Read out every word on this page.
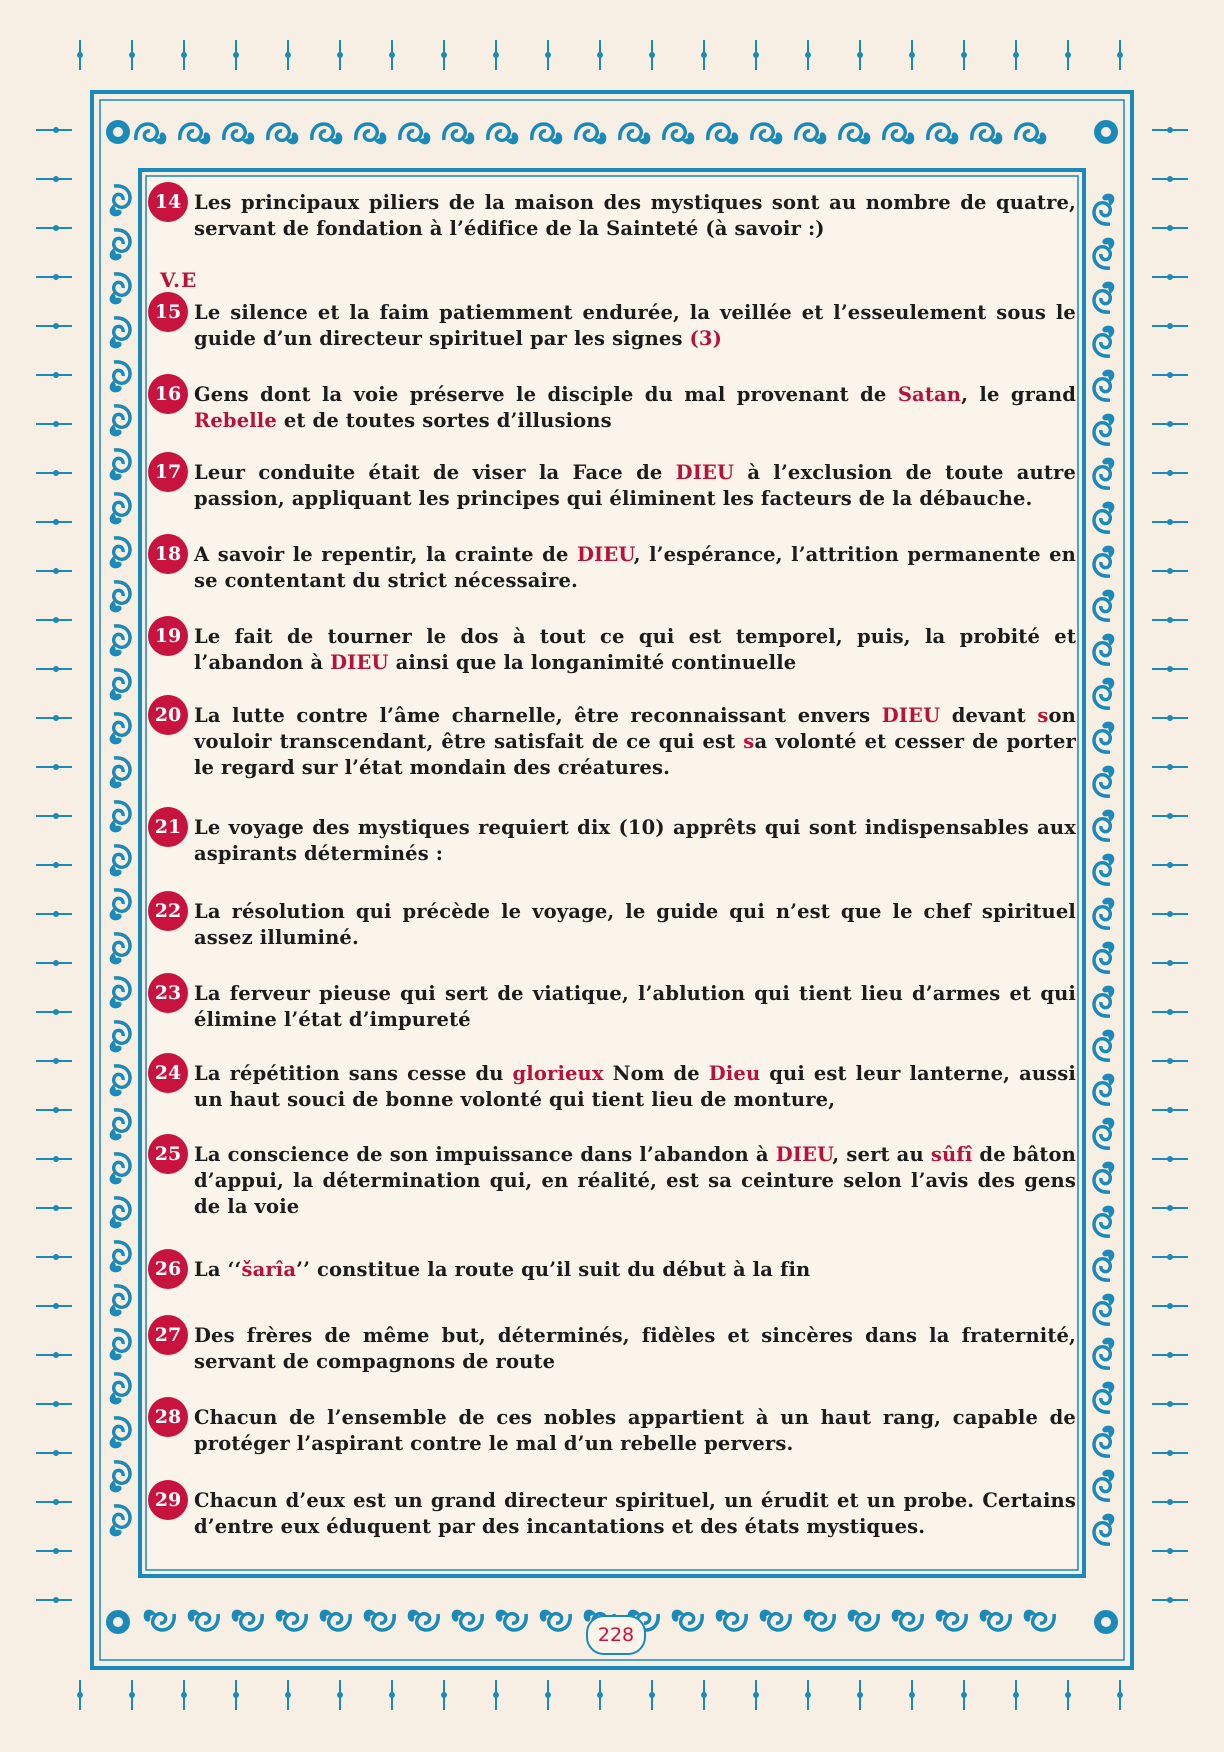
V.E
14 Les principaux piliers de la maison des mystiques sont au nombre de quatre, servant de fondation à l’édifice de la Sainteté (à savoir :)
15 Le silence et la faim patiemment endurée, la veillée et l’esseulement sous le guide d’un directeur spirituel par les signes (3)
16 Gens dont la voie préserve le disciple du mal provenant de Satan, le grand Rebelle et de toutes sortes d’illusions
17 Leur conduite était de viser la Face de DIEU à l’exclusion de toute autre passion, appliquant les principes qui éliminent les facteurs de la débauche.
18 A savoir le repentir, la crainte de DIEU, l’espérance, l’attrition permanente en se contentant du strict nécessaire.
19 Le fait de tourner le dos à tout ce qui est temporel, puis, la probité et l’abandon à DIEU ainsi que la longanimité continuelle
20 La lutte contre l’âme charnelle, être reconnaissant envers DIEU devant son vouloir transcendant, être satisfait de ce qui est sa volonté et cesser de porter le regard sur l’état mondain des créatures.
21 Le voyage des mystiques requiert dix (10) apprêts qui sont indispensables aux aspirants déterminés :
22 La résolution qui précède le voyage, le guide qui n’est que le chef spirituel assez illuminé.
23 La ferveur pieuse qui sert de viatique, l’ablution qui tient lieu d’armes et qui élimine l’état d’impureté
24 La répétition sans cesse du glorieux Nom de Dieu qui est leur lanterne, aussi un haut souci de bonne volonté qui tient lieu de monture,
25 La conscience de son impuissance dans l’abandon à DIEU, sert au sûfî de bâton d’appui, la détermination qui, en réalité, est sa ceinture selon l’avis des gens de la voie
26 La ‘‘šarîa’’ constitue la route qu’il suit du début à la fin
27 Des frères de même but, déterminés, fidèles et sincères dans la fraternité, servant de compagnons de route
28 Chacun de l’ensemble de ces nobles appartient à un haut rang, capable de protéger l’aspirant contre le mal d’un rebelle pervers.
29 Chacun d’eux est un grand directeur spirituel, un érudit et un probe. Certains d’entre eux éduquent par des incantations et des états mystiques.
228
